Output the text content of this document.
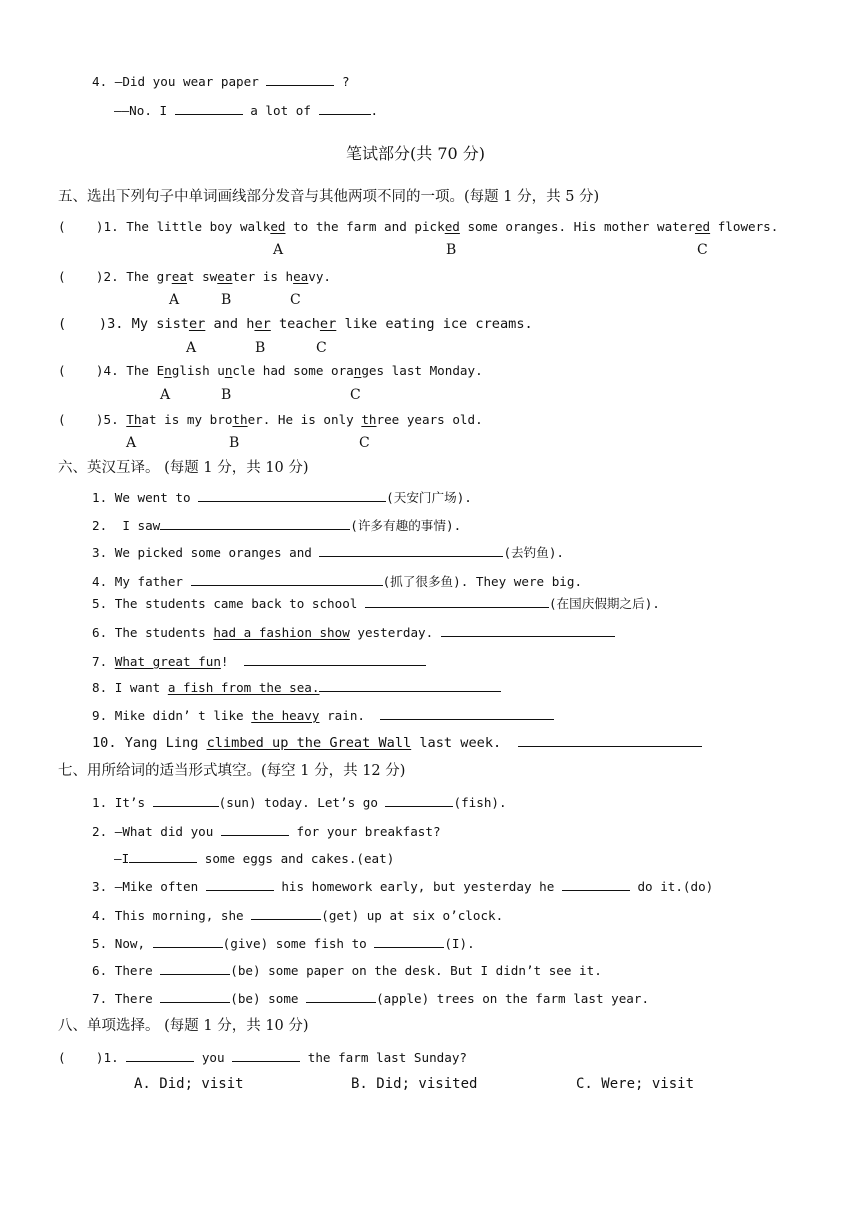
4. —Did you wear paper	?
——No. I	a lot of	.
笔试部分(共 70 分)
五、选出下列句子中单词画线部分发音与其他两项不同的一项。(每题 1 分，共 5 分)
(    )1. The little boy walked to the farm and picked some oranges. His mother watered flowers.
A	B	C
(    )2. The great sweater is heavy.
A	B	C
(    )3. My sister and her teacher like eating ice creams.
A	B	C
(    )4. The English uncle had some oranges last Monday.
A	B	C
(    )5. That is my brother. He is only three years old.
A	B	C
六、英汉互译。 (每题 1 分，共 10 分)
1. We went to	(天安门广场).
2.  I saw	(许多有趣的事情).
3. We picked some oranges and	(去钓鱼).
4. My father	(抓了很多鱼). They were big.
5. The students came back to school	(在国庆假期之后).
6. The students had a fashion show yesterday.
7. What great fun!
8. I want a fish from the sea.
9. Mike didn’ t like the heavy rain.
10. Yang Ling climbed up the Great Wall last week.
七、用所给词的适当形式填空。(每空 1 分，共 12 分)
1. It’s	(sun) today. Let’s go	(fish).
2. —What did you	for your breakfast?
—I	some eggs and cakes.(eat)
3. —Mike often	his homework early, but yesterday he	do it.(do)
4. This morning, she	(get) up at six o’clock.
5. Now,	(give) some fish to	(I).
6. There	(be) some paper on the desk. But I didn’t see it.
7. There	(be) some	(apple) trees on the farm last year.
八、单项选择。 (每题 1 分，共 10 分)
(    )1.	you	the farm last Sunday?
A. Did; visit	B. Did; visited	C. Were; visit
